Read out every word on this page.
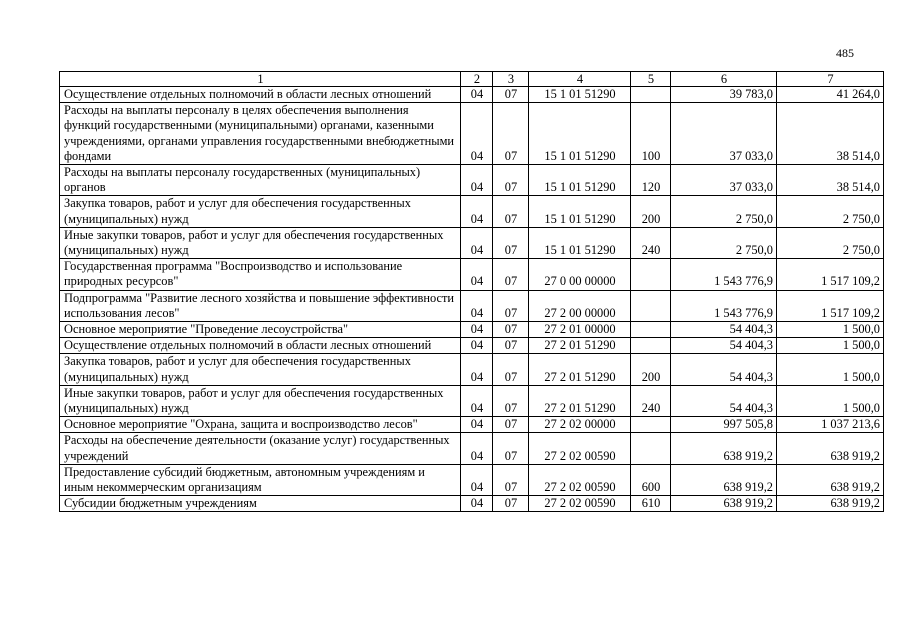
485
1	2	3	4	5	6	7
Осуществление отдельных полномочий в области лесных отношений	04	07	15 1 01 51290		39 783,0	41 264,0
Расходы на выплаты персоналу в целях обеспечения выполнения функций государственными (муниципальными) органами, казенными учреждениями, органами управления государственными внебюджетными фондами	04	07	15 1 01 51290	100	37 033,0	38 514,0
Расходы на выплаты персоналу государственных (муниципальных) органов	04	07	15 1 01 51290	120	37 033,0	38 514,0
Закупка товаров, работ и услуг для обеспечения государственных (муниципальных) нужд	04	07	15 1 01 51290	200	2 750,0	2 750,0
Иные закупки товаров, работ и услуг для обеспечения государственных (муниципальных) нужд	04	07	15 1 01 51290	240	2 750,0	2 750,0
Государственная программа "Воспроизводство и использование природных ресурсов"	04	07	27 0 00 00000		1 543 776,9	1 517 109,2
Подпрограмма "Развитие лесного хозяйства и повышение эффективности использования лесов"	04	07	27 2 00 00000		1 543 776,9	1 517 109,2
Основное мероприятие "Проведение лесоустройства"	04	07	27 2 01 00000		54 404,3	1 500,0
Осуществление отдельных полномочий в области лесных отношений	04	07	27 2 01 51290		54 404,3	1 500,0
Закупка товаров, работ и услуг для обеспечения государственных (муниципальных) нужд	04	07	27 2 01 51290	200	54 404,3	1 500,0
Иные закупки товаров, работ и услуг для обеспечения государственных (муниципальных) нужд	04	07	27 2 01 51290	240	54 404,3	1 500,0
Основное мероприятие "Охрана, защита и воспроизводство лесов"	04	07	27 2 02 00000		997 505,8	1 037 213,6
Расходы на обеспечение деятельности (оказание услуг) государственных учреждений	04	07	27 2 02 00590		638 919,2	638 919,2
Предоставление субсидий бюджетным, автономным учреждениям и иным некоммерческим организациям	04	07	27 2 02 00590	600	638 919,2	638 919,2
Субсидии бюджетным учреждениям	04	07	27 2 02 00590	610	638 919,2	638 919,2
